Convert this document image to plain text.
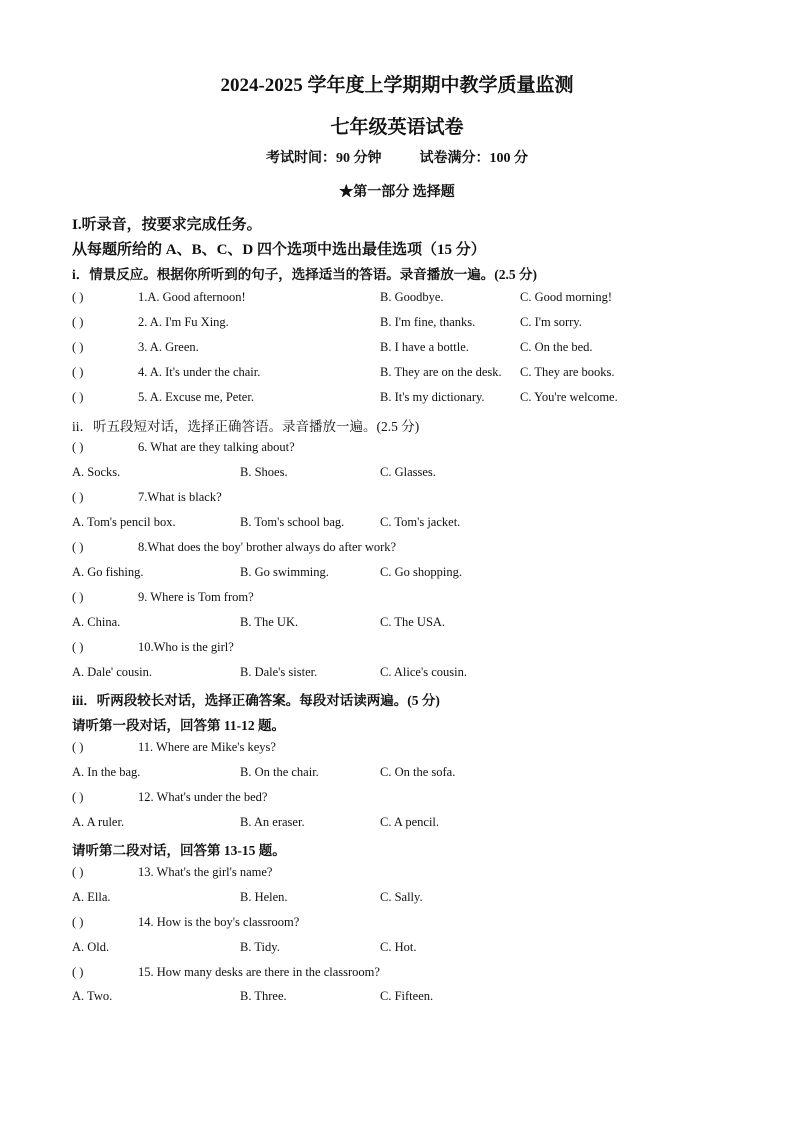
2024-2025 学年度上学期期中教学质量监测
七年级英语试卷
考试时间：90 分钟	试卷满分：100 分
★第一部分 选择题
I.听录音，按要求完成任务。
从每题所给的 A、B、C、D 四个选项中选出最佳选项（15 分）
i．情景反应。根据你所听到的句子，选择适当的答语。录音播放一遍。(2.5 分)
( )	1.A. Good afternoon!	B. Goodbye.	C. Good morning!
( )	2. A. I'm Fu Xing.	B. I'm fine, thanks.	C. I'm sorry.
( )	3. A. Green.	B. I have a bottle.	C. On the bed.
( )	4. A. It's under the chair.	B. They are on the desk. C. They are books.
( )	5. A. Excuse me, Peter.	B. It's my dictionary.	C. You're welcome.
ii．听五段短对话，选择正确答语。录音播放一遍。(2.5 分)
( )	6. What are they talking about?
A. Socks.	B. Shoes.	C. Glasses.
( )	7.What is black?
A. Tom's pencil box.	B. Tom's school bag.	C. Tom's jacket.
( )	8.What does the boy' brother always do after work?
A. Go fishing.	B. Go swimming.	C. Go shopping.
( )	9. Where is Tom from?
A. China.	B. The UK.	C. The USA.
( )	10.Who is the girl?
A. Dale' cousin.	B. Dale's sister.	C. Alice's cousin.
iii．听两段较长对话，选择正确答案。每段对话读两遍。(5 分)
请听第一段对话，回答第 11-12 题。
( )	11. Where are Mike's keys?
A. In the bag.	B. On the chair.	C. On the sofa.
( )	12. What's under the bed?
A. A ruler.	B. An eraser.	C. A pencil.
请听第二段对话，回答第 13-15 题。
( )	13. What's the girl's name?
A. Ella.	B. Helen.	C. Sally.
( )	14. How is the boy's classroom?
A. Old.	B. Tidy.	C. Hot.
( )	15. How many desks are there in the classroom?
A. Two.	B. Three.	C. Fifteen.
